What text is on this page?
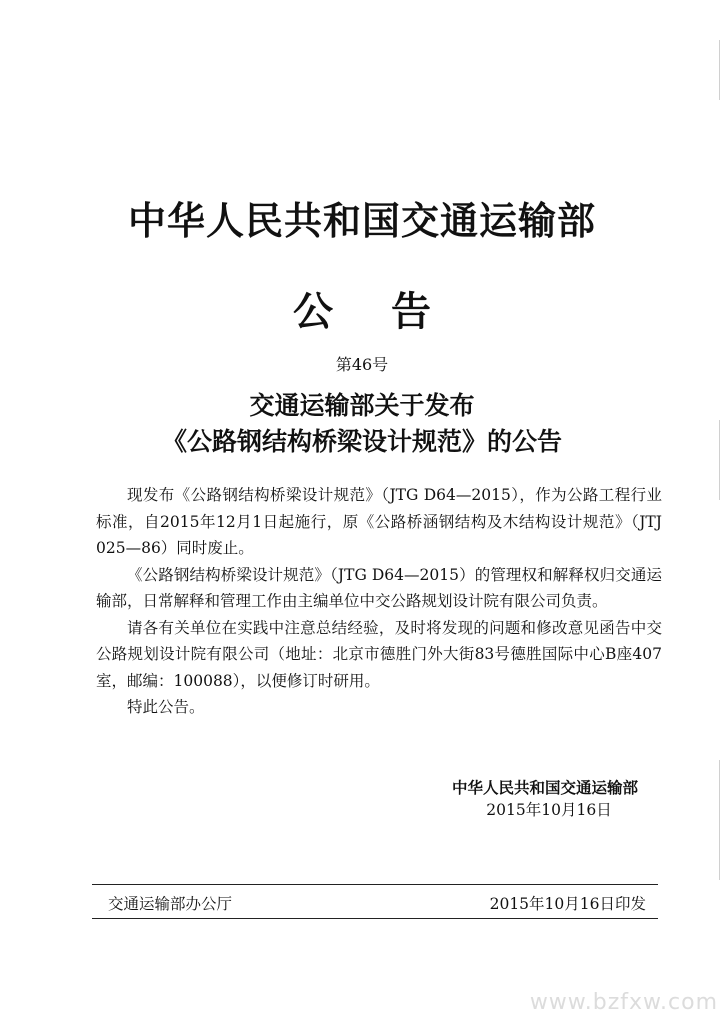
中华人民共和国交通运输部
公告
第46号
交通运输部关于发布
《公路钢结构桥梁设计规范》的公告

现发布《公路钢结构桥梁设计规范》（JTG D64—2015），作为公路工程行业标准，自2015年12月1日起施行，原《公路桥涵钢结构及木结构设计规范》（JTJ 025—86）同时废止。

《公路钢结构桥梁设计规范》（JTG D64—2015）的管理权和解释权归交通运输部，日常解释和管理工作由主编单位中交公路规划设计院有限公司负责。

请各有关单位在实践中注意总结经验，及时将发现的问题和修改意见函告中交公路规划设计院有限公司（地址：北京市德胜门外大街83号德胜国际中心B座407室，邮编：100088），以便修订时研用。

特此公告。

中华人民共和国交通运输部
2015年10月16日
交通运输部办公厅	2015年10月16日印发
www.bzfxw.com
